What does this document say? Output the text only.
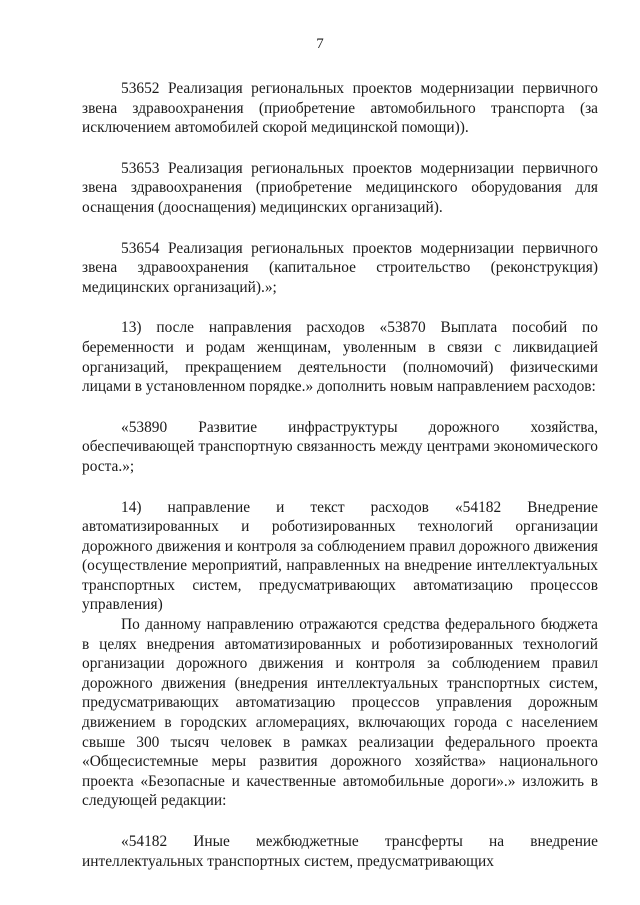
7

53652 Реализация региональных проектов модернизации первичного звена здравоохранения (приобретение автомобильного транспорта (за исключением автомобилей скорой медицинской помощи)).

53653 Реализация региональных проектов модернизации первичного звена здравоохранения (приобретение медицинского оборудования для оснащения (дооснащения) медицинских организаций).

53654 Реализация региональных проектов модернизации первичного звена здравоохранения (капитальное строительство (реконструкция) медицинских организаций).»;

13) после направления расходов «53870 Выплата пособий по беременности и родам женщинам, уволенным в связи с ликвидацией организаций, прекращением деятельности (полномочий) физическими лицами в установленном порядке.» дополнить новым направлением расходов:

«53890 Развитие инфраструктуры дорожного хозяйства, обеспечивающей транспортную связанность между центрами экономического роста.»;

14) направление и текст расходов «54182 Внедрение автоматизированных и роботизированных технологий организации дорожного движения и контроля за соблюдением правил дорожного движения (осуществление мероприятий, направленных на внедрение интеллектуальных транспортных систем, предусматривающих автоматизацию процессов управления)

По данному направлению отражаются средства федерального бюджета в целях внедрения автоматизированных и роботизированных технологий организации дорожного движения и контроля за соблюдением правил дорожного движения (внедрения интеллектуальных транспортных систем, предусматривающих автоматизацию процессов управления дорожным движением в городских агломерациях, включающих города с населением свыше 300 тысяч человек в рамках реализации федерального проекта «Общесистемные меры развития дорожного хозяйства» национального проекта «Безопасные и качественные автомобильные дороги».» изложить в следующей редакции:

«54182 Иные межбюджетные трансферты на внедрение интеллектуальных транспортных систем, предусматривающих
